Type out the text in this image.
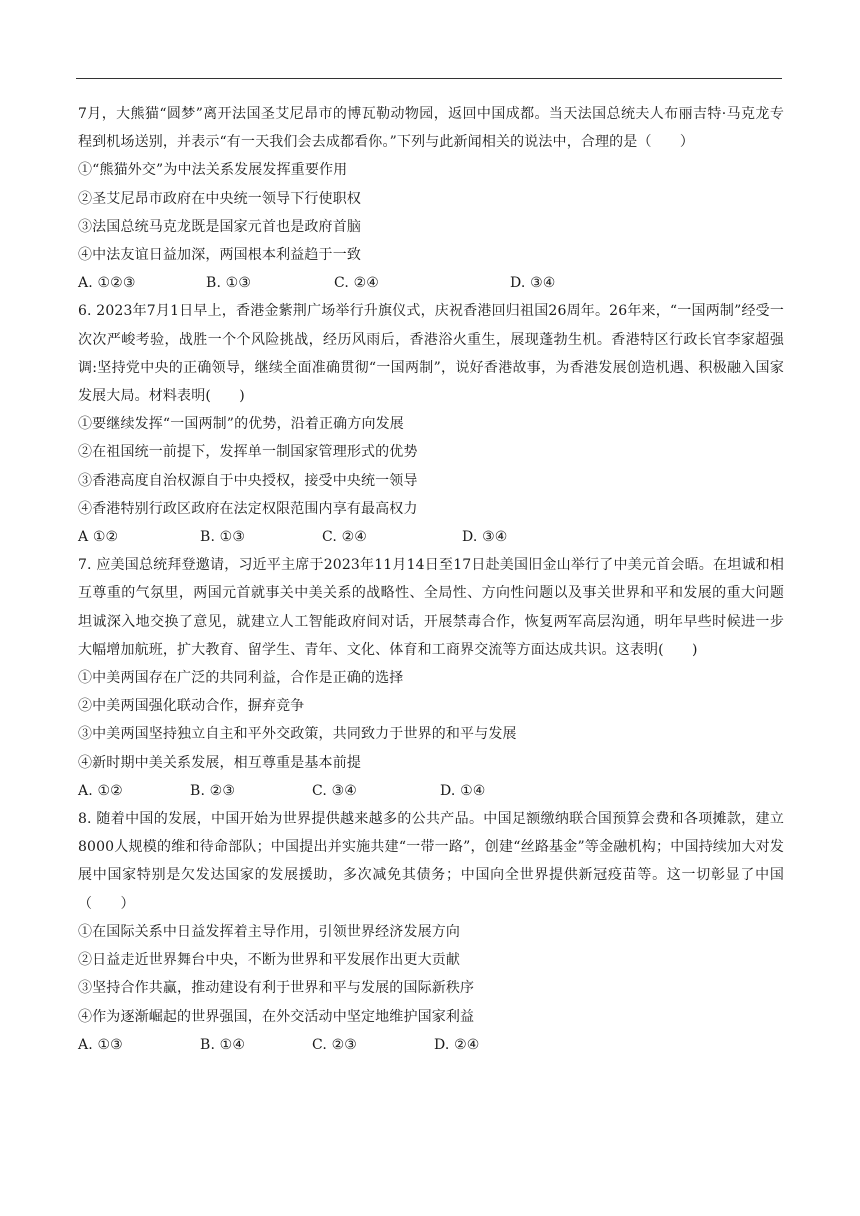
7月，大熊猫“圆梦”离开法国圣艾尼昂市的博瓦勒动物园，返回中国成都。当天法国总统夫人布丽吉特·马克龙专程到机场送别，并表示“有一天我们会去成都看你。”下列与此新闻相关的说法中，合理的是（　　）

①“熊猫外交”为中法关系发展发挥重要作用

②圣艾尼昂市政府在中央统一领导下行使职权

③法国总统马克龙既是国家元首也是政府首脑

④中法友谊日益加深，两国根本利益趋于一致

A. ①②③	B. ①③	C. ②④	D. ③④

6. 2023年7月1日早上，香港金紫荆广场举行升旗仪式，庆祝香港回归祖国26周年。26年来，“一国两制”经受一次次严峻考验，战胜一个个风险挑战，经历风雨后，香港浴火重生，展现蓬勃生机。香港特区行政长官李家超强调:坚持党中央的正确领导，继续全面准确贯彻“一国两制”，说好香港故事，为香港发展创造机遇、积极融入国家发展大局。材料表明(　　)

①要继续发挥“一国两制”的优势，沿着正确方向发展

②在祖国统一前提下，发挥单一制国家管理形式的优势

③香港高度自治权源自于中央授权，接受中央统一领导

④香港特别行政区政府在法定权限范围内享有最高权力

A ①②	B. ①③	C. ②④	D. ③④

7. 应美国总统拜登邀请，习近平主席于2023年11月14日至17日赴美国旧金山举行了中美元首会晤。在坦诚和相互尊重的气氛里，两国元首就事关中美关系的战略性、全局性、方向性问题以及事关世界和平和发展的重大问题坦诚深入地交换了意见，就建立人工智能政府间对话，开展禁毒合作，恢复两军高层沟通，明年早些时候进一步大幅增加航班，扩大教育、留学生、青年、文化、体育和工商界交流等方面达成共识。这表明(　　)

①中美两国存在广泛的共同利益，合作是正确的选择

②中美两国强化联动合作，摒弃竞争

③中美两国坚持独立自主和平外交政策，共同致力于世界的和平与发展

④新时期中美关系发展，相互尊重是基本前提

A. ①②	B. ②③	C. ③④	D. ①④

8. 随着中国的发展，中国开始为世界提供越来越多的公共产品。中国足额缴纳联合国预算会费和各项摊款，建立8000人规模的维和待命部队；中国提出并实施共建“一带一路”，创建“丝路基金”等金融机构；中国持续加大对发展中国家特别是欠发达国家的发展援助，多次减免其债务；中国向全世界提供新冠疫苗等。这一切彰显了中国（　　）

①在国际关系中日益发挥着主导作用，引领世界经济发展方向

②日益走近世界舞台中央，不断为世界和平发展作出更大贡献

③坚持合作共赢，推动建设有利于世界和平与发展的国际新秩序

④作为逐渐崛起的世界强国，在外交活动中坚定地维护国家利益

A. ①③	B. ①④	C. ②③	D. ②④
